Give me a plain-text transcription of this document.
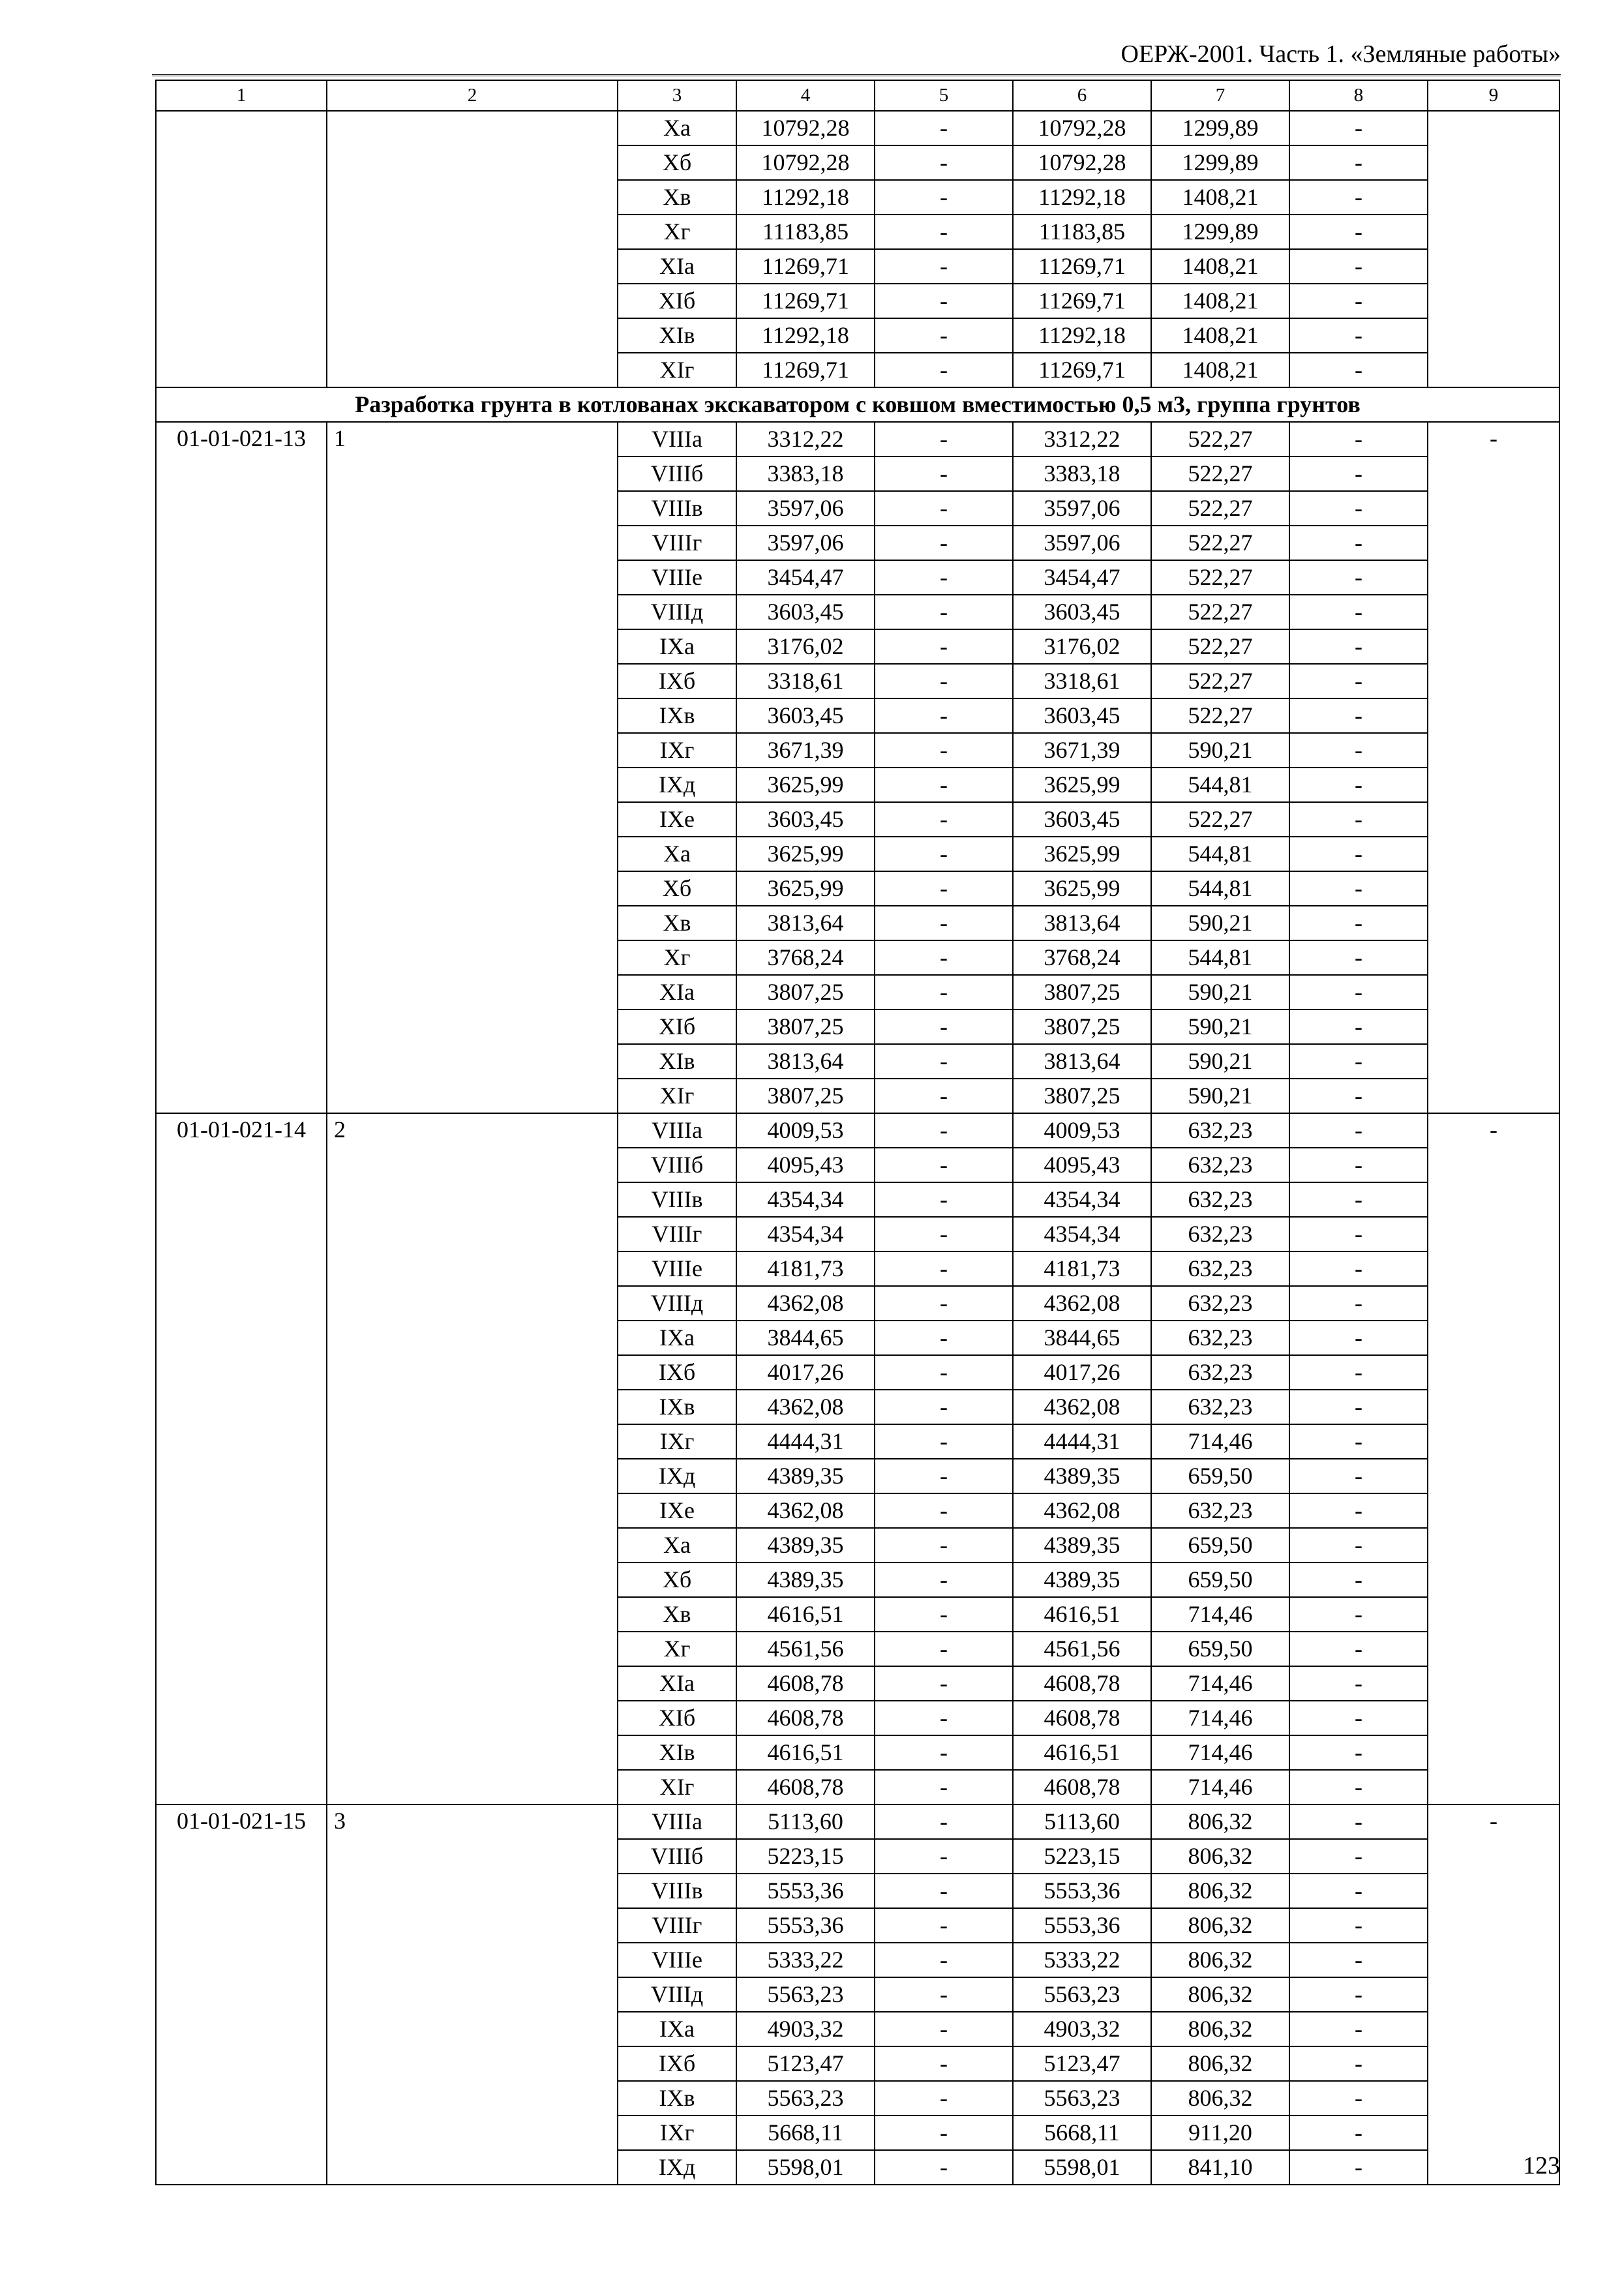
ОЕРЖ-2001. Часть 1. «Земляные работы»
1	2	3	4	5	6	7	8	9
		Xa	10792,28	-	10792,28	1299,89	-	
		Xб	10792,28	-	10792,28	1299,89	-	
		Xв	11292,18	-	11292,18	1408,21	-	
		Xг	11183,85	-	11183,85	1299,89	-	
		XIa	11269,71	-	11269,71	1408,21	-	
		XIб	11269,71	-	11269,71	1408,21	-	
		XIв	11292,18	-	11292,18	1408,21	-	
		XIг	11269,71	-	11269,71	1408,21	-	
Разработка грунта в котлованах экскаватором с ковшом вместимостью 0,5 м3, группа грунтов								
01-01-021-13	1	VIIIa	3312,22	-	3312,22	522,27	-	-
		VIIIб	3383,18	-	3383,18	522,27	-	
		VIIIв	3597,06	-	3597,06	522,27	-	
		VIIIг	3597,06	-	3597,06	522,27	-	
		VIIIe	3454,47	-	3454,47	522,27	-	
		VIIIд	3603,45	-	3603,45	522,27	-	
		IXa	3176,02	-	3176,02	522,27	-	
		IXб	3318,61	-	3318,61	522,27	-	
		IXв	3603,45	-	3603,45	522,27	-	
		IXг	3671,39	-	3671,39	590,21	-	
		IXд	3625,99	-	3625,99	544,81	-	
		IXe	3603,45	-	3603,45	522,27	-	
		Xa	3625,99	-	3625,99	544,81	-	
		Xб	3625,99	-	3625,99	544,81	-	
		Xв	3813,64	-	3813,64	590,21	-	
		Xг	3768,24	-	3768,24	544,81	-	
		XIa	3807,25	-	3807,25	590,21	-	
		XIб	3807,25	-	3807,25	590,21	-	
		XIв	3813,64	-	3813,64	590,21	-	
		XIг	3807,25	-	3807,25	590,21	-	
01-01-021-14	2	VIIIa	4009,53	-	4009,53	632,23	-	-
		VIIIб	4095,43	-	4095,43	632,23	-	
		VIIIв	4354,34	-	4354,34	632,23	-	
		VIIIг	4354,34	-	4354,34	632,23	-	
		VIIIe	4181,73	-	4181,73	632,23	-	
		VIIIд	4362,08	-	4362,08	632,23	-	
		IXa	3844,65	-	3844,65	632,23	-	
		IXб	4017,26	-	4017,26	632,23	-	
		IXв	4362,08	-	4362,08	632,23	-	
		IXг	4444,31	-	4444,31	714,46	-	
		IXд	4389,35	-	4389,35	659,50	-	
		IXe	4362,08	-	4362,08	632,23	-	
		Xa	4389,35	-	4389,35	659,50	-	
		Xб	4389,35	-	4389,35	659,50	-	
		Xв	4616,51	-	4616,51	714,46	-	
		Xг	4561,56	-	4561,56	659,50	-	
		XIa	4608,78	-	4608,78	714,46	-	
		XIб	4608,78	-	4608,78	714,46	-	
		XIв	4616,51	-	4616,51	714,46	-	
		XIг	4608,78	-	4608,78	714,46	-	
01-01-021-15	3	VIIIa	5113,60	-	5113,60	806,32	-	-
		VIIIб	5223,15	-	5223,15	806,32	-	
		VIIIв	5553,36	-	5553,36	806,32	-	
		VIIIг	5553,36	-	5553,36	806,32	-	
		VIIIe	5333,22	-	5333,22	806,32	-	
		VIIIд	5563,23	-	5563,23	806,32	-	
		IXa	4903,32	-	4903,32	806,32	-	
		IXб	5123,47	-	5123,47	806,32	-	
		IXв	5563,23	-	5563,23	806,32	-	
		IXг	5668,11	-	5668,11	911,20	-	
		IXд	5598,01	-	5598,01	841,10	-		123
